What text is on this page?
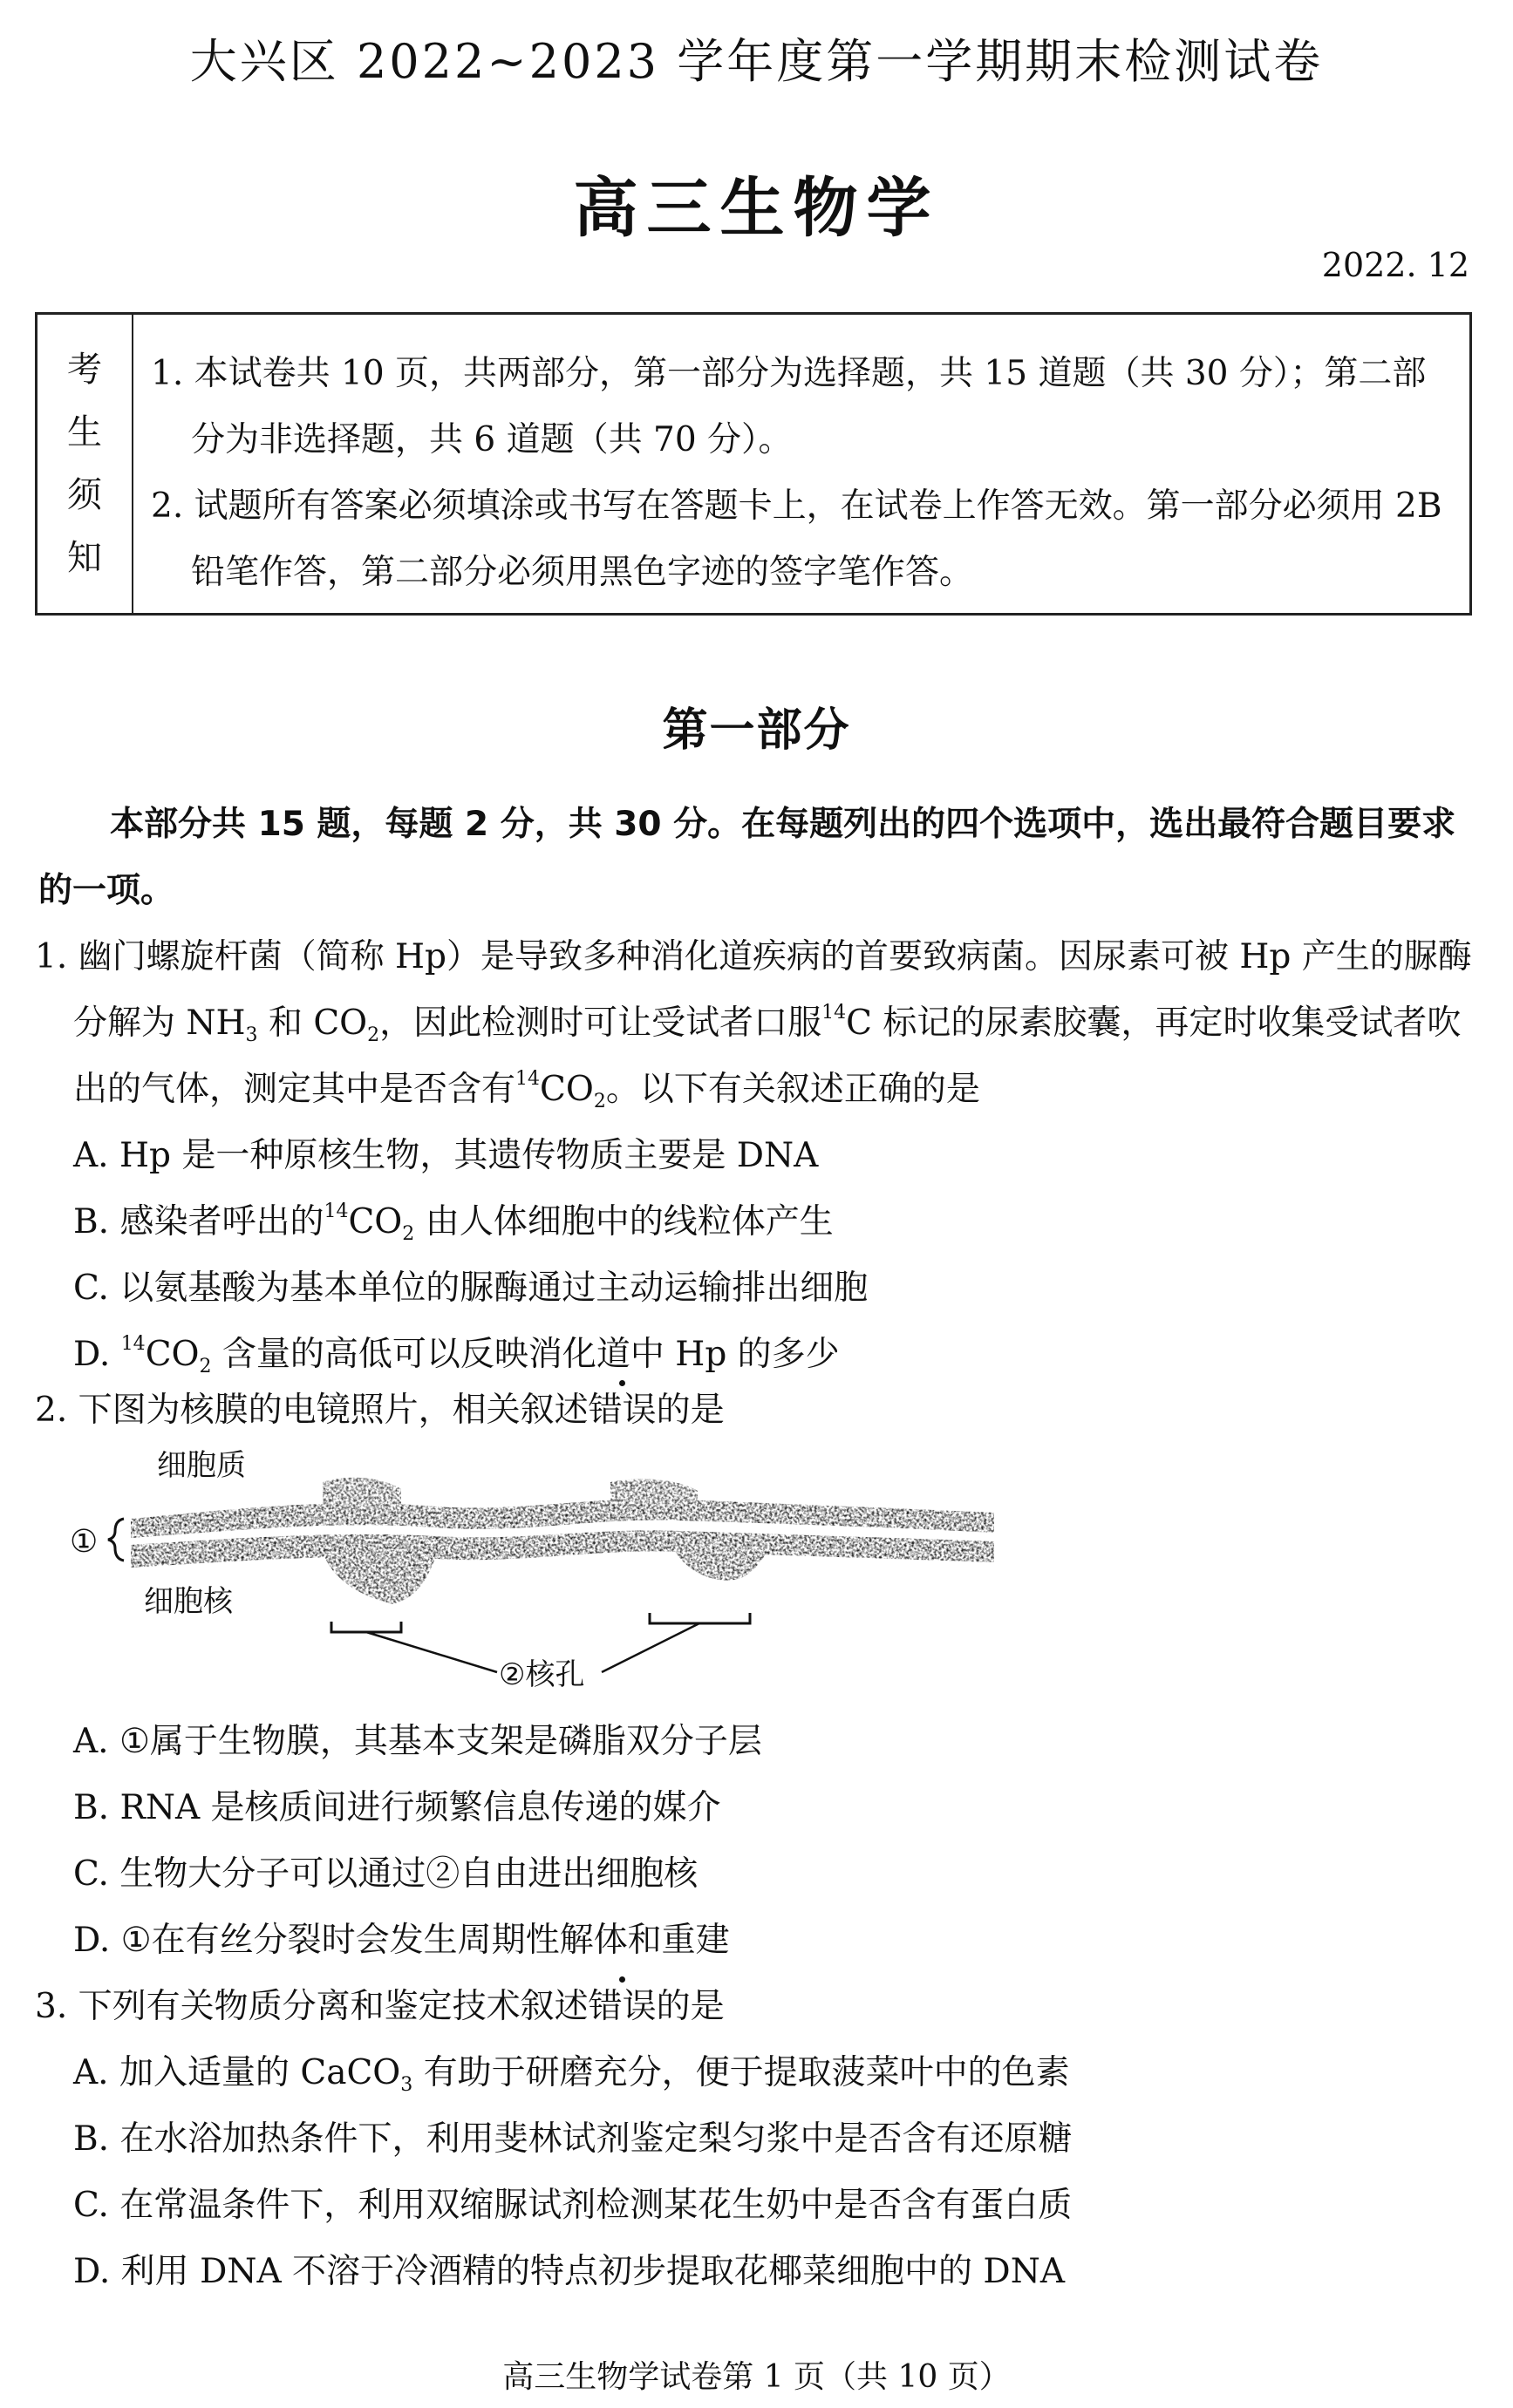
大兴区 2022~2023 学年度第一学期期末检测试卷
高三生物学
2022. 12
考
生
须
知

1. 本试卷共 10 页，共两部分，第一部分为选择题，共 15 道题（共 30 分）；第二部分为非选择题，共 6 道题（共 70 分）。

2. 试题所有答案必须填涂或书写在答题卡上，在试卷上作答无效。第一部分必须用 2B 铅笔作答，第二部分必须用黑色字迹的签字笔作答。

第一部分
本部分共 15 题，每题 2 分，共 30 分。在每题列出的四个选项中，选出最符合题目要求的一项。

1. 幽门螺旋杆菌（简称 Hp）是导致多种消化道疾病的首要致病菌。因尿素可被 Hp 产生的脲酶分解为 $NH_3$ 和 $CO_2$，因此检测时可让受试者口服$^{14}$C 标记的尿素胶囊，再定时收集受试者吹出的气体，测定其中是否含有$^{14}CO_2$。以下有关叙述正确的是

A. Hp 是一种原核生物，其遗传物质主要是 DNA

B. 感染者呼出的$^{14}CO_2$ 由人体细胞中的线粒体产生

C. 以氨基酸为基本单位的脲酶通过主动运输排出细胞

D. $^{14}CO_2$ 含量的高低可以反映消化道中 Hp 的多少

2. 下图为核膜的电镜照片，相关叙述错误的是

细胞质
细胞核
①
②核孔

A. ①属于生物膜，其基本支架是磷脂双分子层

B. RNA 是核质间进行频繁信息传递的媒介

C. 生物大分子可以通过②自由进出细胞核

D. ①在有丝分裂时会发生周期性解体和重建

3. 下列有关物质分离和鉴定技术叙述错误的是

A. 加入适量的 CaCO$_3$ 有助于研磨充分，便于提取菠菜叶中的色素

B. 在水浴加热条件下，利用斐林试剂鉴定梨匀浆中是否含有还原糖

C. 在常温条件下，利用双缩脲试剂检测某花生奶中是否含有蛋白质

D. 利用 DNA 不溶于冷酒精的特点初步提取花椰菜细胞中的 DNA

高三生物学试卷第 1 页（共 10 页）
